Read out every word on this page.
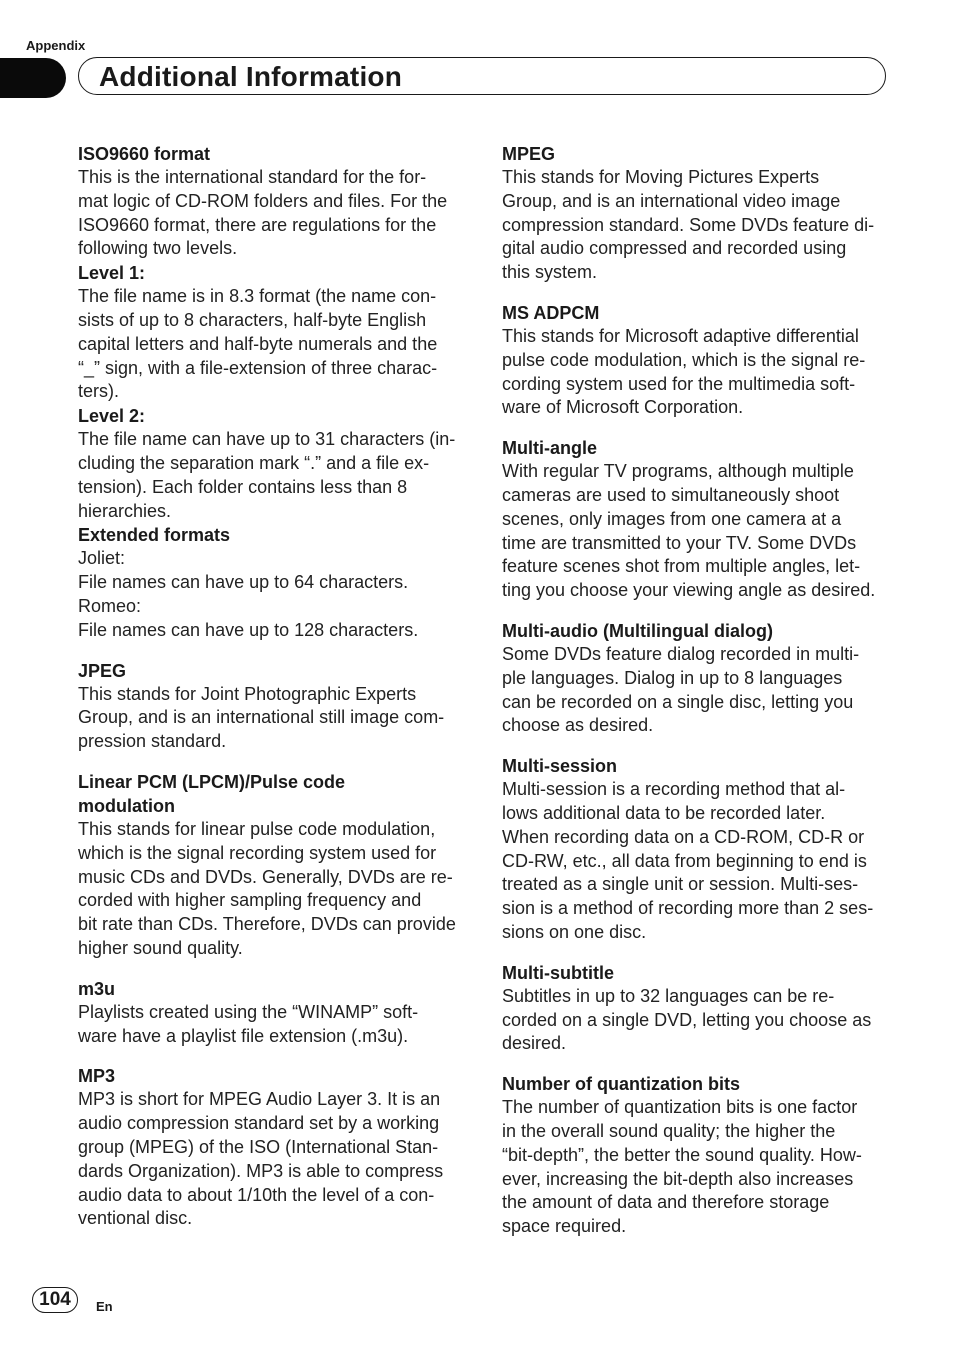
Appendix
Additional Information
ISO9660 format
This is the international standard for the for-
mat logic of CD-ROM folders and files. For the
ISO9660 format, there are regulations for the
following two levels.
Level 1:
The file name is in 8.3 format (the name con-
sists of up to 8 characters, half-byte English
capital letters and half-byte numerals and the
“_” sign, with a file-extension of three charac-
ters).
Level 2:
The file name can have up to 31 characters (in-
cluding the separation mark “.” and a file ex-
tension). Each folder contains less than 8
hierarchies.
Extended formats
Joliet:
File names can have up to 64 characters.
Romeo:
File names can have up to 128 characters.
JPEG
This stands for Joint Photographic Experts
Group, and is an international still image com-
pression standard.
Linear PCM (LPCM)/Pulse code modulation
This stands for linear pulse code modulation,
which is the signal recording system used for
music CDs and DVDs. Generally, DVDs are re-
corded with higher sampling frequency and
bit rate than CDs. Therefore, DVDs can provide
higher sound quality.
m3u
Playlists created using the “WINAMP” soft-
ware have a playlist file extension (.m3u).
MP3
MP3 is short for MPEG Audio Layer 3. It is an
audio compression standard set by a working
group (MPEG) of the ISO (International Stan-
dards Organization). MP3 is able to compress
audio data to about 1/10th the level of a con-
ventional disc.
MPEG
This stands for Moving Pictures Experts
Group, and is an international video image
compression standard. Some DVDs feature di-
gital audio compressed and recorded using
this system.
MS ADPCM
This stands for Microsoft adaptive differential
pulse code modulation, which is the signal re-
cording system used for the multimedia soft-
ware of Microsoft Corporation.
Multi-angle
With regular TV programs, although multiple
cameras are used to simultaneously shoot
scenes, only images from one camera at a
time are transmitted to your TV. Some DVDs
feature scenes shot from multiple angles, let-
ting you choose your viewing angle as desired.
Multi-audio (Multilingual dialog)
Some DVDs feature dialog recorded in multi-
ple languages. Dialog in up to 8 languages
can be recorded on a single disc, letting you
choose as desired.
Multi-session
Multi-session is a recording method that al-
lows additional data to be recorded later.
When recording data on a CD-ROM, CD-R or
CD-RW, etc., all data from beginning to end is
treated as a single unit or session. Multi-ses-
sion is a method of recording more than 2 ses-
sions on one disc.
Multi-subtitle
Subtitles in up to 32 languages can be re-
corded on a single DVD, letting you choose as
desired.
Number of quantization bits
The number of quantization bits is one factor
in the overall sound quality; the higher the
“bit-depth”, the better the sound quality. How-
ever, increasing the bit-depth also increases
the amount of data and therefore storage
space required.
104	En
